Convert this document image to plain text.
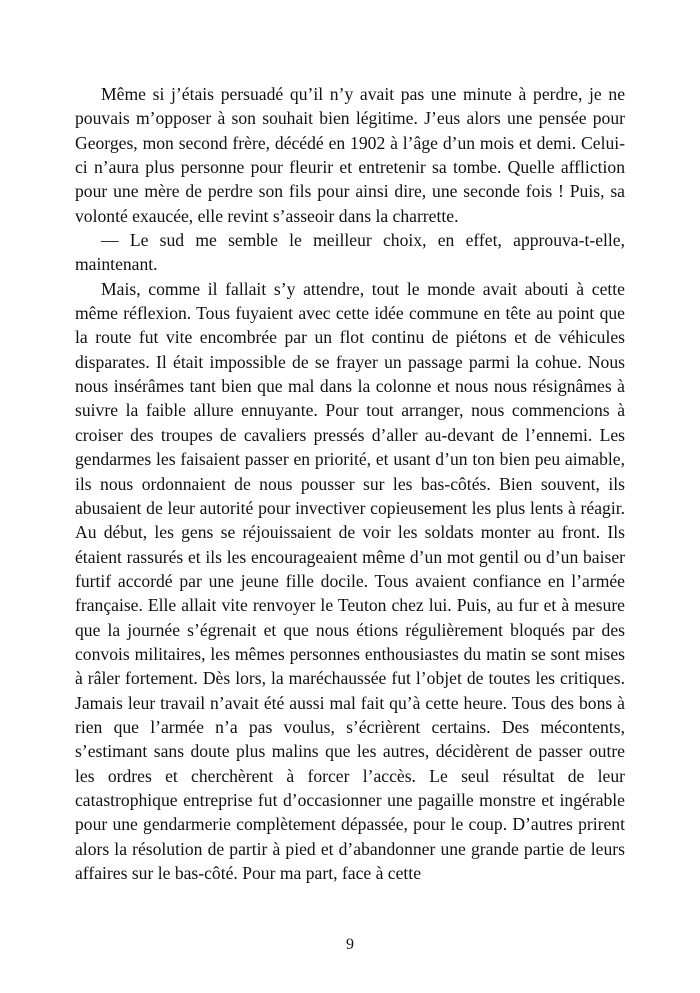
Même si j’étais persuadé qu’il n’y avait pas une minute à perdre, je ne pouvais m’opposer à son souhait bien légitime. J’eus alors une pensée pour Georges, mon second frère, décédé en 1902 à l’âge d’un mois et demi. Celui-ci n’aura plus personne pour fleurir et entretenir sa tombe. Quelle affliction pour une mère de perdre son fils pour ainsi dire, une seconde fois ! Puis, sa volonté exaucée, elle revint s’asseoir dans la charrette.

— Le sud me semble le meilleur choix, en effet, approuva-t-elle, maintenant.

Mais, comme il fallait s’y attendre, tout le monde avait abouti à cette même réflexion. Tous fuyaient avec cette idée commune en tête au point que la route fut vite encombrée par un flot continu de piétons et de véhicules disparates. Il était impossible de se frayer un passage parmi la cohue. Nous nous insérâmes tant bien que mal dans la colonne et nous nous résignâmes à suivre la faible allure ennuyante. Pour tout arranger, nous commencions à croiser des troupes de cavaliers pressés d’aller au-devant de l’ennemi. Les gendarmes les faisaient passer en priorité, et usant d’un ton bien peu aimable, ils nous ordonnaient de nous pousser sur les bas-côtés. Bien souvent, ils abusaient de leur autorité pour invectiver copieusement les plus lents à réagir. Au début, les gens se réjouissaient de voir les soldats monter au front. Ils étaient rassurés et ils les encourageaient même d’un mot gentil ou d’un baiser furtif accordé par une jeune fille docile. Tous avaient confiance en l’armée française. Elle allait vite renvoyer le Teuton chez lui. Puis, au fur et à mesure que la journée s’égrenait et que nous étions régulièrement bloqués par des convois militaires, les mêmes personnes enthousiastes du matin se sont mises à râler fortement. Dès lors, la maréchaussée fut l’objet de toutes les critiques. Jamais leur travail n’avait été aussi mal fait qu’à cette heure. Tous des bons à rien que l’armée n’a pas voulus, s’écrièrent certains. Des mécontents, s’estimant sans doute plus malins que les autres, décidèrent de passer outre les ordres et cherchèrent à forcer l’accès. Le seul résultat de leur catastrophique entreprise fut d’occasionner une pagaille monstre et ingérable pour une gendarmerie complètement dépassée, pour le coup. D’autres prirent alors la résolution de partir à pied et d’abandonner une grande partie de leurs affaires sur le bas-côté. Pour ma part, face à cette

9
